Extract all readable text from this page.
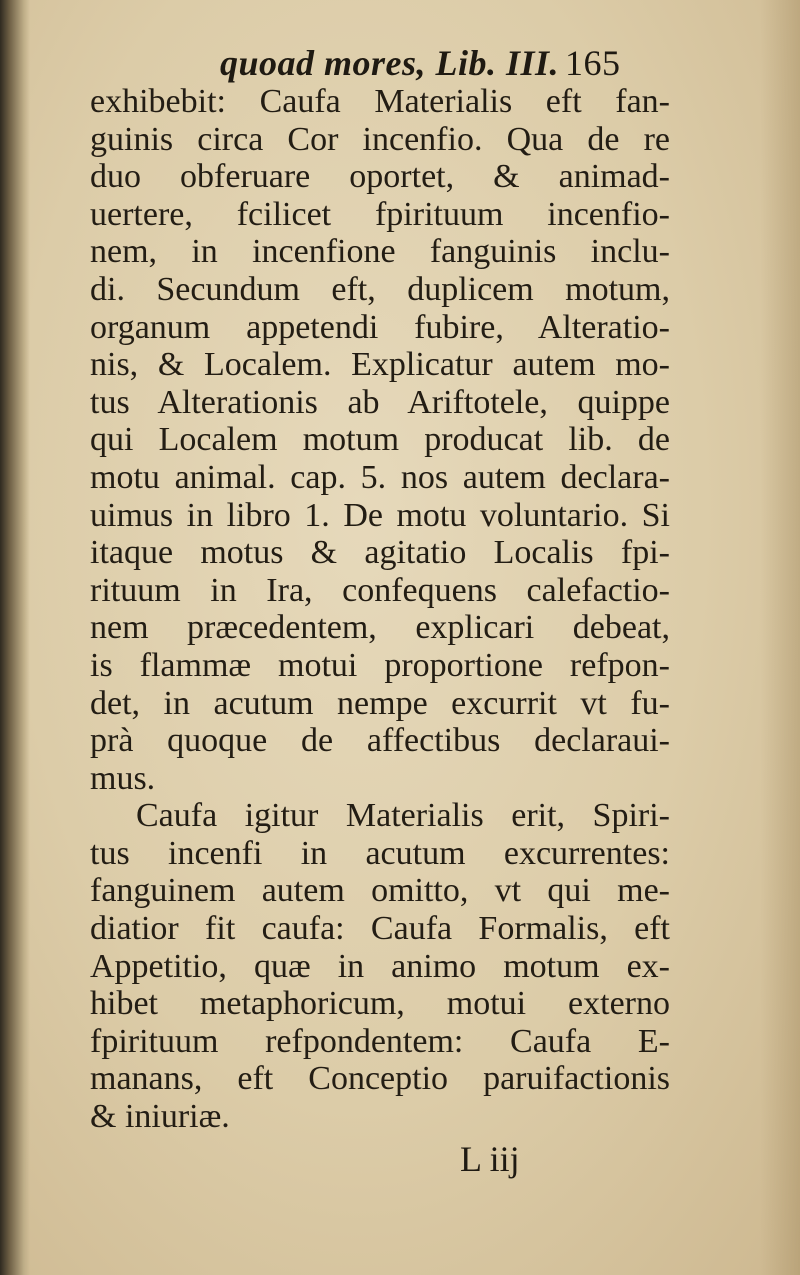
quoad mores, Lib. III. 165
exhibebit: Caufa Materialis eft fan-
guinis circa Cor incenfio. Qua de re
duo obferuare oportet, & animad-
uertere, fcilicet fpirituum incenfio-
nem, in incenfione fanguinis inclu-
di. Secundum eft, duplicem motum,
organum appetendi fubire, Alteratio-
nis, & Localem. Explicatur autem mo-
tus Alterationis ab Ariftotele, quippe
qui Localem motum producat lib. de
motu animal. cap. 5. nos autem declara-
uimus in libro 1. De motu voluntario. Si
itaque motus & agitatio Localis fpi-
rituum in Ira, confequens calefactio-
nem præcedentem, explicari debeat,
is flammæ motui proportione refpon-
det, in acutum nempe excurrit vt fu-
prà quoque de affectibus declaraui-
mus.
Caufa igitur Materialis erit, Spiri-
tus incenfi in acutum excurrentes:
fanguinem autem omitto, vt qui me-
diatior fit caufa: Caufa Formalis, eft
Appetitio, quæ in animo motum ex-
hibet metaphoricum, motui externo
fpirituum refpondentem: Caufa E-
manans, eft Conceptio paruifactionis
& iniuriæ.
L iij
